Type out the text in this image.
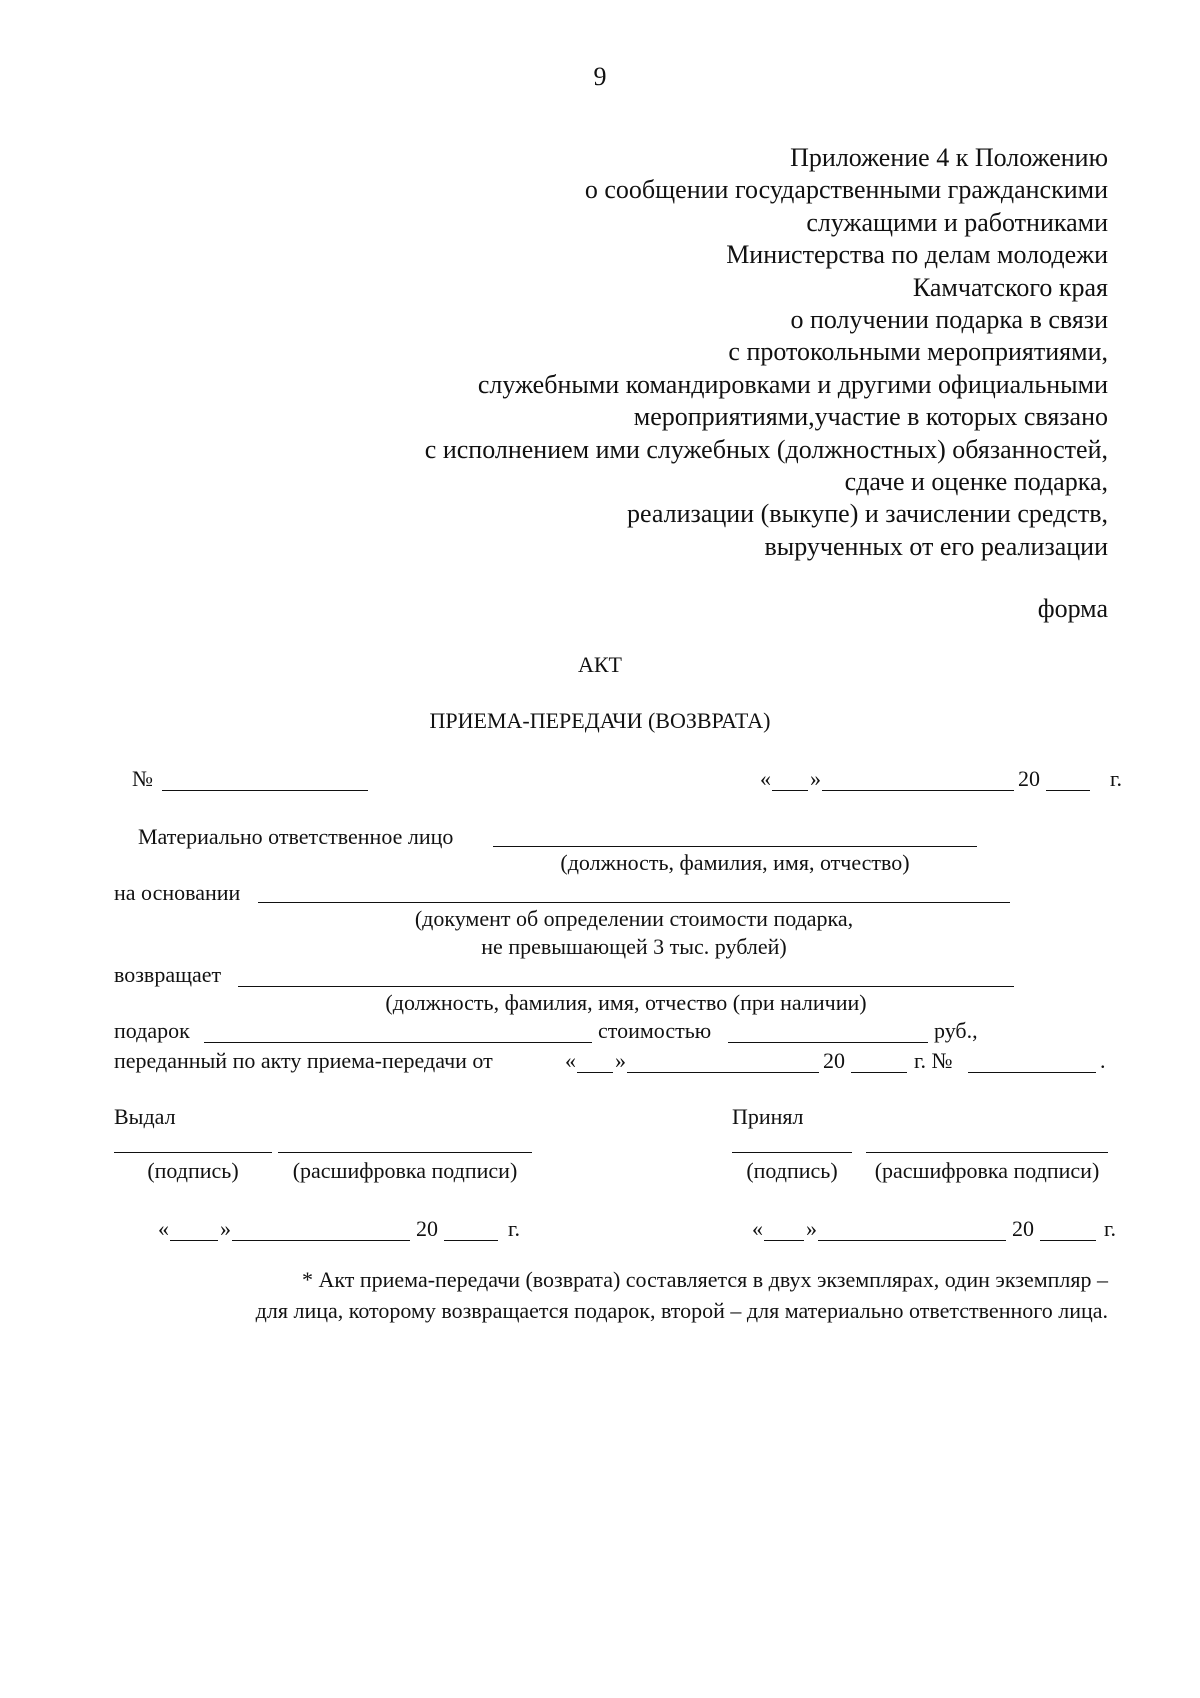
9
Приложение 4 к Положению
о сообщении государственными гражданскими
служащими и работниками
Министерства по делам молодежи
Камчатского края
о получении подарка в связи
с протокольными мероприятиями,
служебными командировками и другими официальными
мероприятиями,участие в которых связано
с исполнением ими служебных (должностных) обязанностей,
сдаче и оценке подарка,
реализации (выкупе) и зачислении средств,
вырученных от его реализации
форма
АКТ
ПРИЕМА-ПЕРЕДАЧИ (ВОЗВРАТА)
№	« »	20	г.
Материально ответственное лицо
(должность, фамилия, имя, отчество)
на основании
(документ об определении стоимости подарка,
не превышающей 3 тыс. рублей)
возвращает
(должность, фамилия, имя, отчество (при наличии)
подарок	стоимостью	руб.,
переданный по акту приема-передачи от	« »	20	г. №	.
Выдал	Принял
(подпись)	(расшифровка подписи)	(подпись)	(расшифровка подписи)
« »	20	г.	« »	20	г.
* Акт приема-передачи (возврата) составляется в двух экземплярах, один экземпляр –
для лица, которому возвращается подарок, второй – для материально ответственного лица.
